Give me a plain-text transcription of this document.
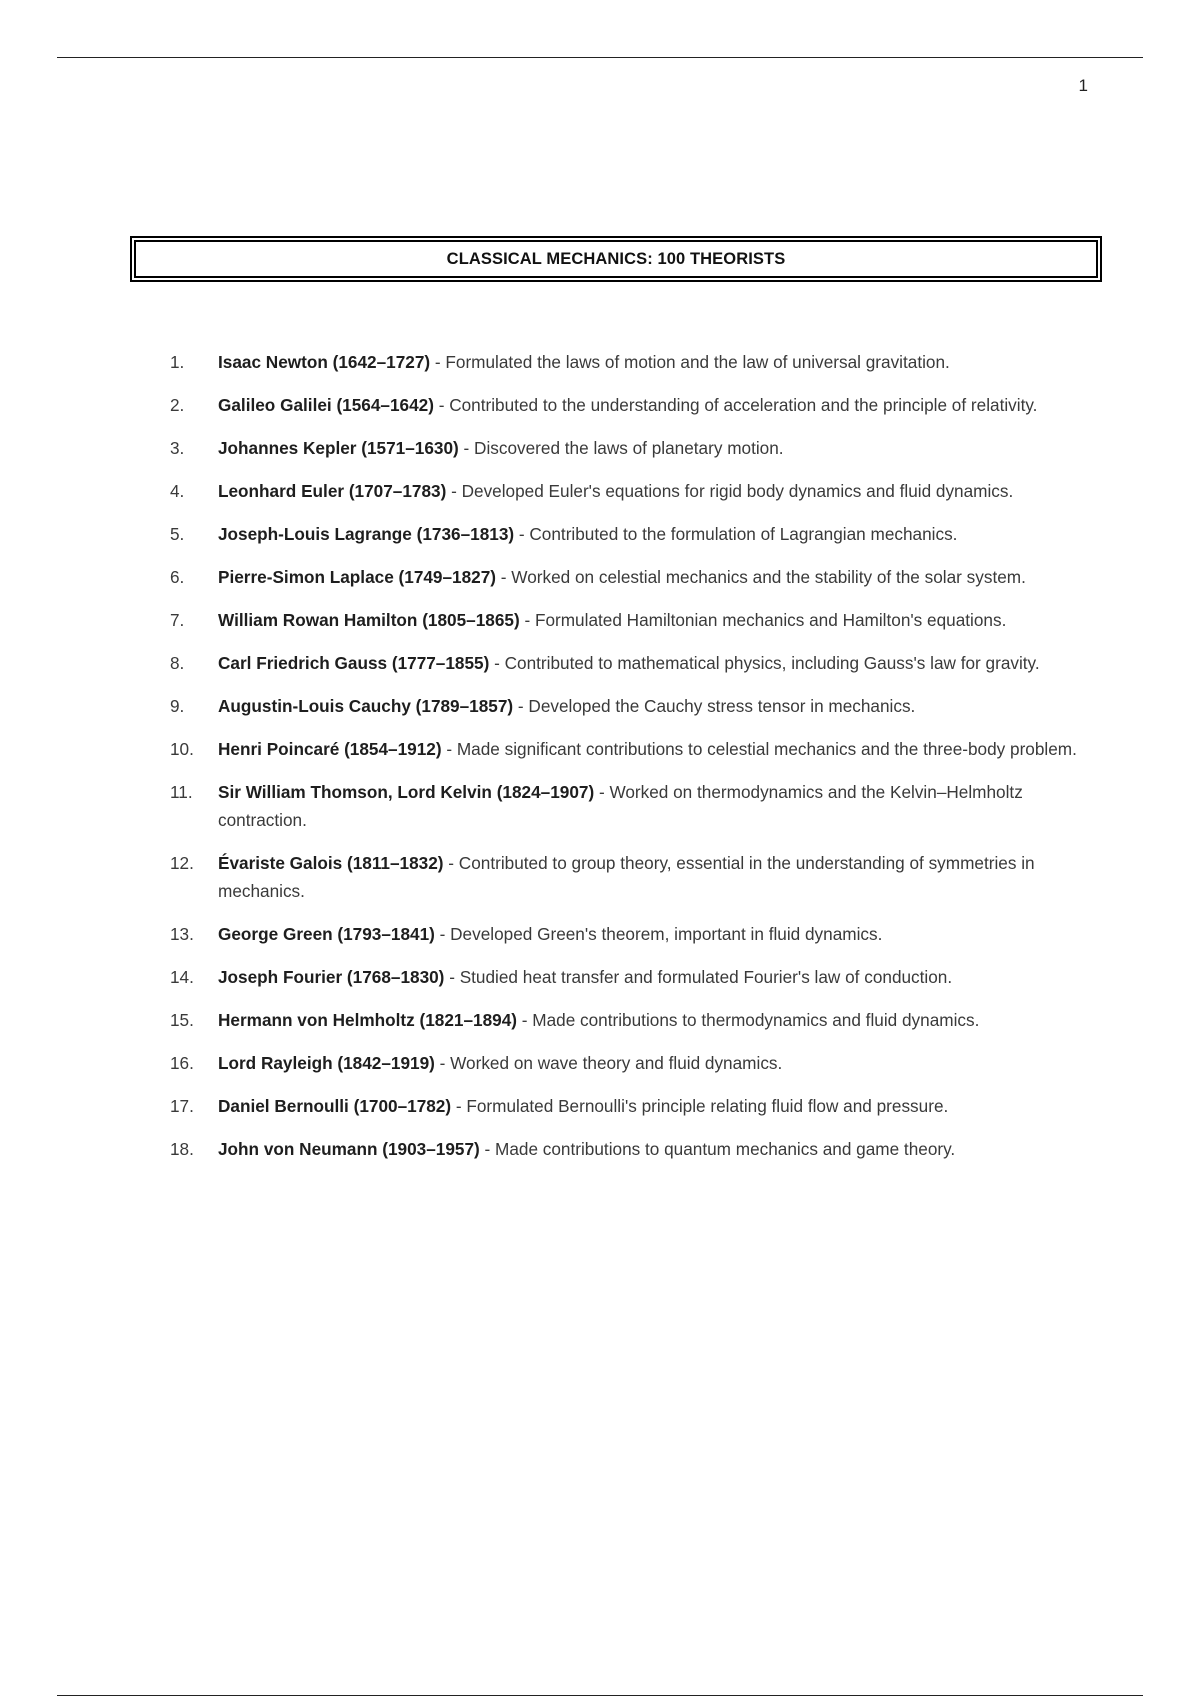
1
CLASSICAL MECHANICS: 100 THEORISTS
1.	Isaac Newton (1642–1727) - Formulated the laws of motion and the law of universal gravitation.
2.	Galileo Galilei (1564–1642) - Contributed to the understanding of acceleration and the principle of relativity.
3.	Johannes Kepler (1571–1630) - Discovered the laws of planetary motion.
4.	Leonhard Euler (1707–1783) - Developed Euler's equations for rigid body dynamics and fluid dynamics.
5.	Joseph-Louis Lagrange (1736–1813) - Contributed to the formulation of Lagrangian mechanics.
6.	Pierre-Simon Laplace (1749–1827) - Worked on celestial mechanics and the stability of the solar system.
7.	William Rowan Hamilton (1805–1865) - Formulated Hamiltonian mechanics and Hamilton's equations.
8.	Carl Friedrich Gauss (1777–1855) - Contributed to mathematical physics, including Gauss's law for gravity.
9.	Augustin-Louis Cauchy (1789–1857) - Developed the Cauchy stress tensor in mechanics.
10.	Henri Poincaré (1854–1912) - Made significant contributions to celestial mechanics and the three-body problem.
11.	Sir William Thomson, Lord Kelvin (1824–1907) - Worked on thermodynamics and the Kelvin–Helmholtz contraction.
12.	Évariste Galois (1811–1832) - Contributed to group theory, essential in the understanding of symmetries in mechanics.
13.	George Green (1793–1841) - Developed Green's theorem, important in fluid dynamics.
14.	Joseph Fourier (1768–1830) - Studied heat transfer and formulated Fourier's law of conduction.
15.	Hermann von Helmholtz (1821–1894) - Made contributions to thermodynamics and fluid dynamics.
16.	Lord Rayleigh (1842–1919) - Worked on wave theory and fluid dynamics.
17.	Daniel Bernoulli (1700–1782) - Formulated Bernoulli's principle relating fluid flow and pressure.
18.	John von Neumann (1903–1957) - Made contributions to quantum mechanics and game theory.
